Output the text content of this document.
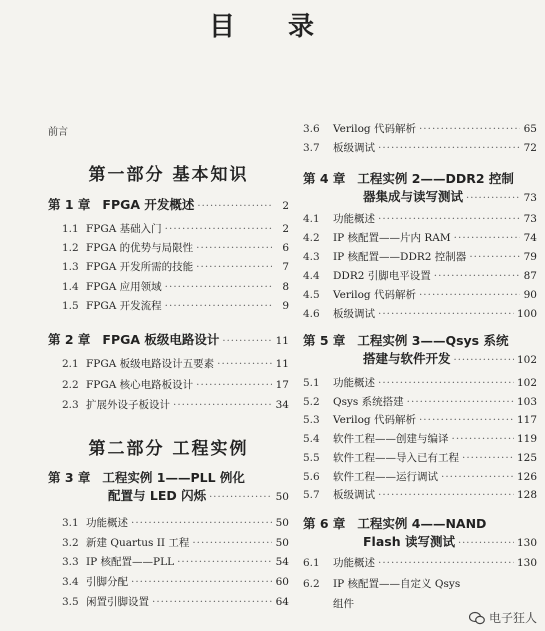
目 录
前言
第一部分 基本知识
第 1 章 FPGA 开发概述 ·····	2
1.1 FPGA 基础入门 ·····	2
1.2 FPGA 的优势与局限性 ·····	6
1.3 FPGA 开发所需的技能 ·····	7
1.4 FPGA 应用领域 ·····	8
1.5 FPGA 开发流程 ·····	9
第 2 章 FPGA 板级电路设计 ·····	11
2.1 FPGA 板级电路设计五要素 ·····	11
2.2 FPGA 核心电路板设计 ·····	17
2.3 扩展外设子板设计 ·····	34
第二部分 工程实例
第 3 章 工程实例 1——PLL 例化
配置与 LED 闪烁 ·····	50
3.1 功能概述 ·····	50
3.2 新建 Quartus II 工程 ·····	50
3.3 IP 核配置——PLL ·····	54
3.4 引脚分配 ·····	60
3.5 闲置引脚设置 ·····	64
3.6	Verilog 代码解析 ·····	65
3.7	板级调试 ·····	72
第 4 章 工程实例 2——DDR2 控制
器集成与读写测试 ·····	73
4.1	功能概述 ·····	73
4.2	IP 核配置——片内 RAM ·····	74
4.3	IP 核配置——DDR2 控制器 ·····	79
4.4	DDR2 引脚电平设置 ·····	87
4.5	Verilog 代码解析 ·····	90
4.6	板级调试 ·····	100
第 5 章 工程实例 3——Qsys 系统
搭建与软件开发 ·····	102
5.1	功能概述 ·····	102
5.2	Qsys 系统搭建 ·····	103
5.3	Verilog 代码解析 ·····	117
5.4	软件工程——创建与编译 ·····	119
5.5	软件工程——导入已有工程 ·····	125
5.6	软件工程——运行调试 ·····	126
5.7	板级调试 ·····	128
第 6 章 工程实例 4——NAND
Flash 读写测试 ·····	130
6.1	功能概述 ·····	130
6.2	IP 核配置——自定义 Qsys
组件
电子狂人
